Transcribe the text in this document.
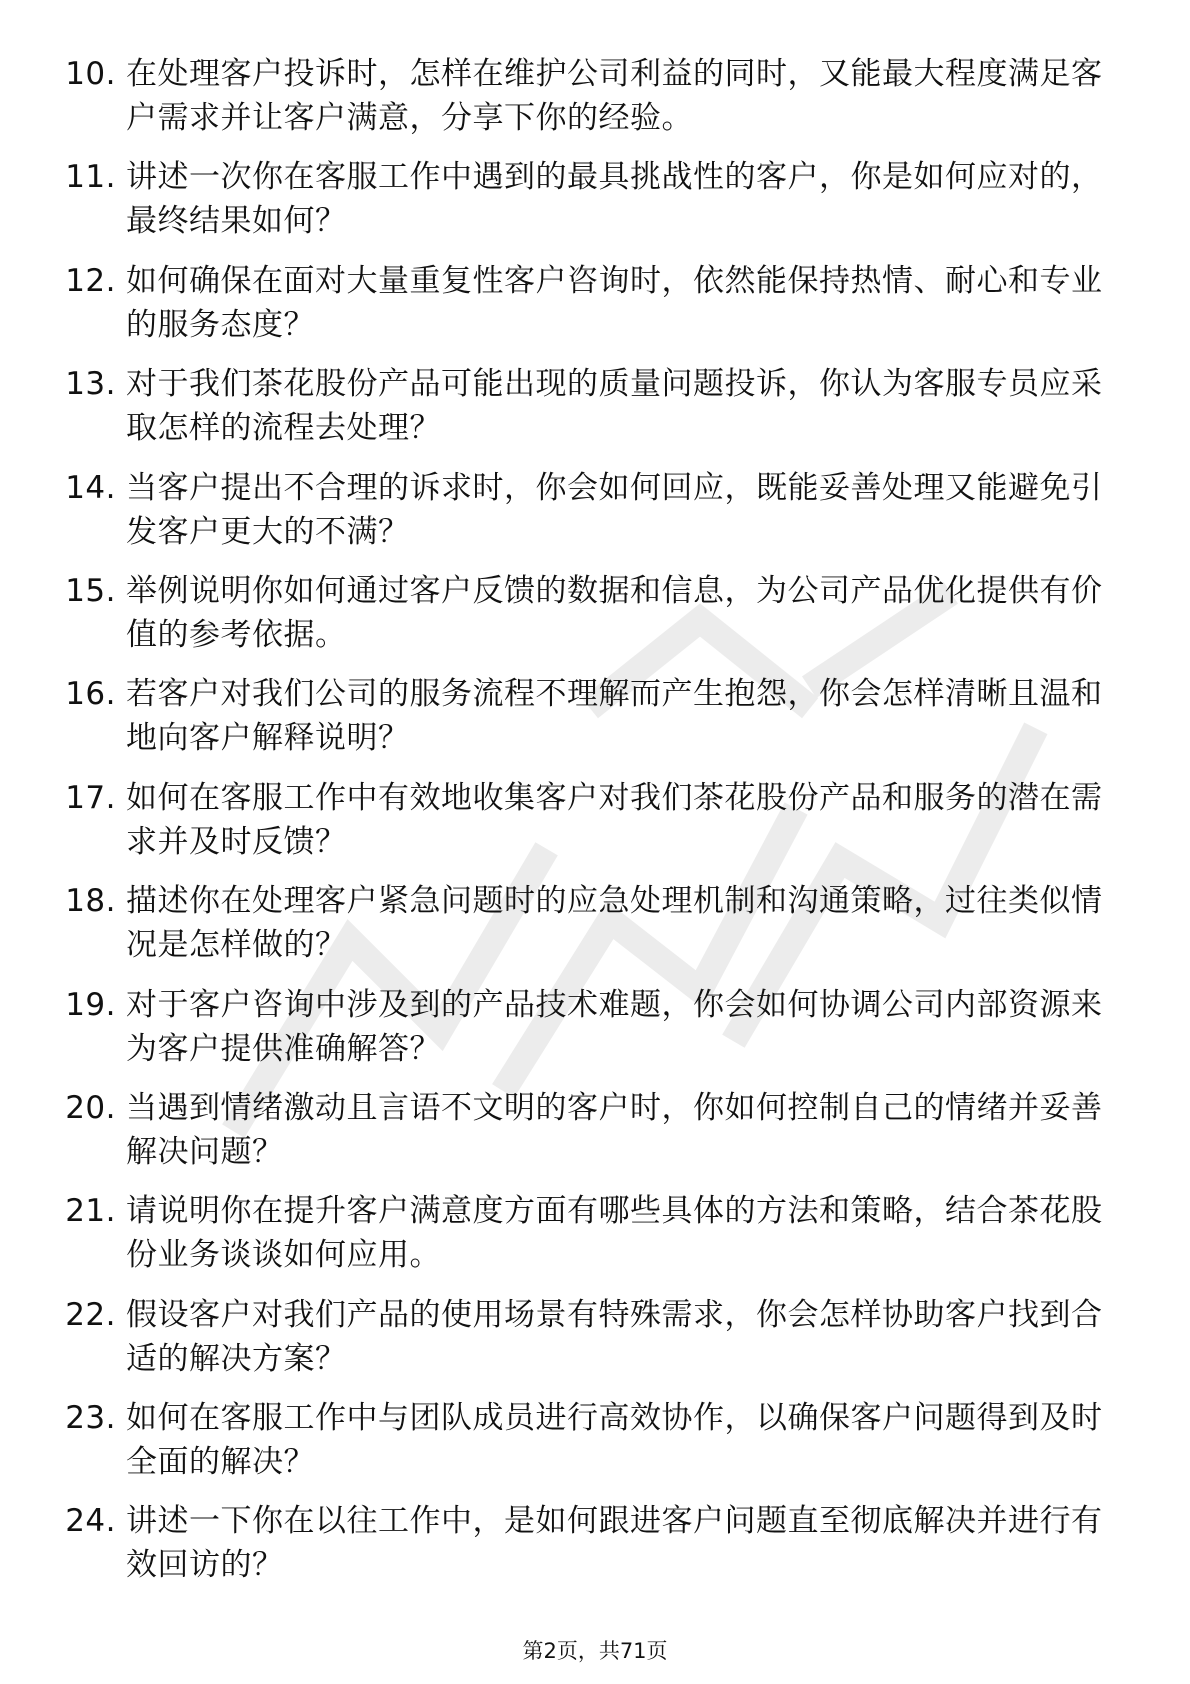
10. 在处理客户投诉时，怎样在维护公司利益的同时，又能最大程度满足客户需求并让客户满意，分享下你的经验。
11. 讲述一次你在客服工作中遇到的最具挑战性的客户，你是如何应对的，最终结果如何？
12. 如何确保在面对大量重复性客户咨询时，依然能保持热情、耐心和专业的服务态度？
13. 对于我们茶花股份产品可能出现的质量问题投诉，你认为客服专员应采取怎样的流程去处理？
14. 当客户提出不合理的诉求时，你会如何回应，既能妥善处理又能避免引发客户更大的不满？
15. 举例说明你如何通过客户反馈的数据和信息，为公司产品优化提供有价值的参考依据。
16. 若客户对我们公司的服务流程不理解而产生抱怨，你会怎样清晰且温和地向客户解释说明？
17. 如何在客服工作中有效地收集客户对我们茶花股份产品和服务的潜在需求并及时反馈？
18. 描述你在处理客户紧急问题时的应急处理机制和沟通策略，过往类似情况是怎样做的？
19. 对于客户咨询中涉及到的产品技术难题，你会如何协调公司内部资源来为客户提供准确解答？
20. 当遇到情绪激动且言语不文明的客户时，你如何控制自己的情绪并妥善解决问题？
21. 请说明你在提升客户满意度方面有哪些具体的方法和策略，结合茶花股份业务谈谈如何应用。
22. 假设客户对我们产品的使用场景有特殊需求，你会怎样协助客户找到合适的解决方案？
23. 如何在客服工作中与团队成员进行高效协作，以确保客户问题得到及时全面的解决？
24. 讲述一下你在以往工作中，是如何跟进客户问题直至彻底解决并进行有效回访的？
第2页，共71页
